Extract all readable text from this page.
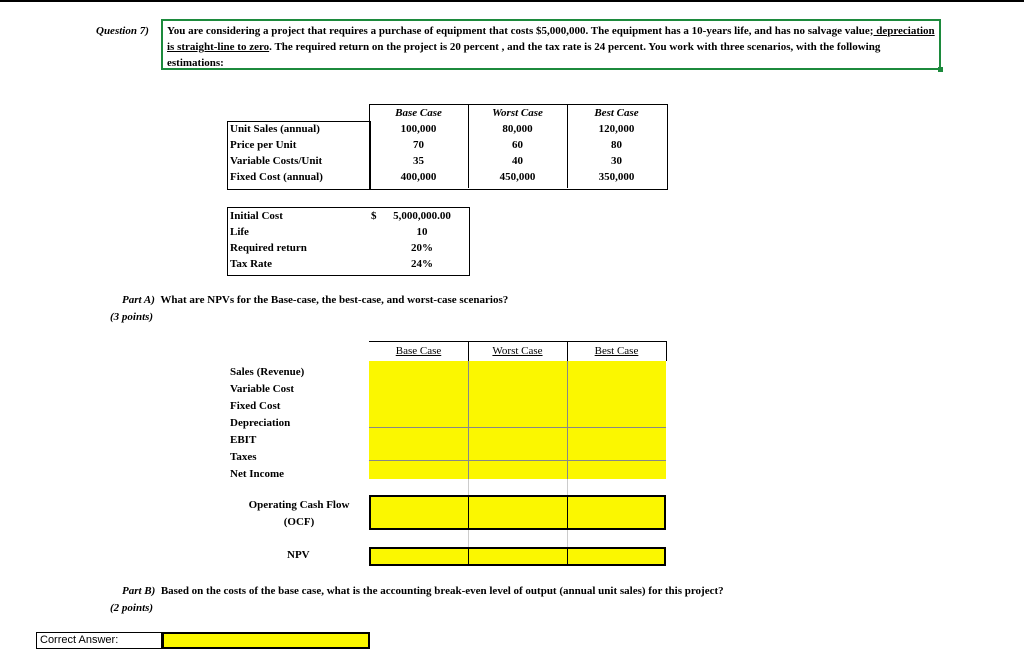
Question 7)	You are considering a project that requires a purchase of equipment that costs $5,000,000. The equipment has a 10-years life, and has no salvage value; depreciation is straight-line to zero. The required return on the project is 20 percent , and the tax rate is 24 percent. You work with three scenarios, with the following estimations:
	Base Case	Worst Case	Best Case
Unit Sales (annual)	100,000	80,000	120,000
Price per Unit	70	60	80
Variable Costs/Unit	35	40	30
Fixed Cost (annual)	400,000	450,000	350,000
Initial Cost	$	5,000,000.00
Life		10
Required return		20%
Tax Rate		24%
Part A) What are NPVs for the Base-case, the best-case, and worst-case scenarios?
(3 points)
Base Case	Worst Case	Best Case
Sales (Revenue)
Variable Cost
Fixed Cost
Depreciation
EBIT
Taxes
Net Income
Operating Cash Flow
(OCF)
NPV
Part B) Based on the costs of the base case, what is the accounting break-even level of output (annual unit sales) for this project?
(2 points)
Correct Answer:
